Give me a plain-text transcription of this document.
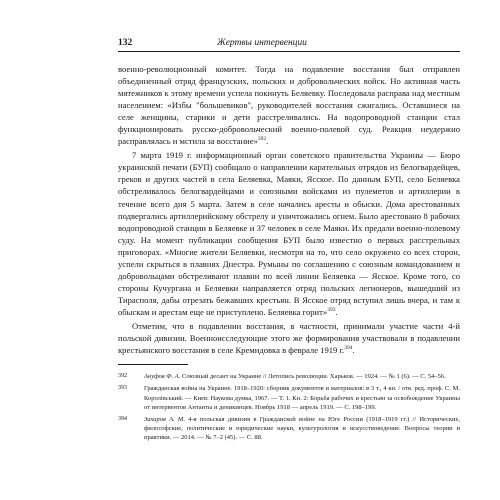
132	Жертвы интервенции

военно-революционный комитет. Тогда на подавление восстания был отправлен объединенный отряд французских, польских и добровольческих войск. Но активная часть мятежников к этому времени успела покинуть Беляевку. Последовала расправа над местным населением: «Избы "большевиков", руководителей восстания сжигались. Оставшиеся на селе женщины, старики и дети расстреливались. На водопроводной станции стал функционировать русско-добровольческий военно-полевой суд. Реакция неудержно расправлялась и мстила за восстание»$^{392}$.

7 марта 1919 г. информационный орган советского правительства Украины — Бюро украинской печати (БУП) сообщало о направлении карательных отрядов из белогвардейцев, греков и других частей в села Беляевка, Маяки, Ясское. По данным БУП, село Беляевка обстреливалось белогвардейцами и союзными войсками из пулеметов и артиллерии в течение всего дня 5 марта. Затем в селе начались аресты и обыски. Дома арестованных подвергались артиллерийскому обстрелу и уничтожались огнем. Было арестовано 8 рабочих водопроводной станции в Беляевке и 37 человек в селе Маяки. Их предали военно-полевому суду. На момент публикации сообщения БУП было известно о первых расстрельных приговорах. «Многие жители Беляевки, несмотря на то, что село окружено со всех сторон, успели скрыться в плавнях Днестра. Румыны по соглашению с союзным командованием и добровольцами обстреливают плавни по всей линии Беляевка — Ясское. Кроме того, со стороны Кучургана и Беляевки направляется отряд польских легионеров, вышедший из Тирасполя, дабы отрезать бежавших крестьян. В Ясское отряд вступил лишь вчера, и там к обыскам и арестам еще не приступлено. Беляевка горит»$^{393}$.

Отметим, что в подавлении восстания, в частности, принимали участие части 4-й польской дивизии. Военноисследующие этого же формирования участвовали в подавлении крестьянского восстания в селе Кремидовка в феврале 1919 г.$^{394}$.

392	Ануфов Ф. А. Союзный десант на Украине // Летопись революции. Харьков. — 1924. — № 1 (6). — С. 54–56.
393	Гражданская война на Украине. 1918–1920: сборник документов и материалов: в 3 т., 4 кн. / отв. ред. проф. С. М. Королівський. — Киев: Наукова думка, 1967. — Т. 1. Кн. 2: Борьба рабочих и крестьян за освобождение Украины от интервентов Антанты и деникинцев. Ноябрь 1918 — апрель 1919. — С. 198–199.
394	Захаров А. М. 4-я польская дивизия в Гражданской войне на Юге России (1918–1919 гг.) // Исторические, философские, политические и юридические науки, культурология и искусствоведение. Вопросы теории и практики. — 2014. — № 7–2 (45). — С. 88.
